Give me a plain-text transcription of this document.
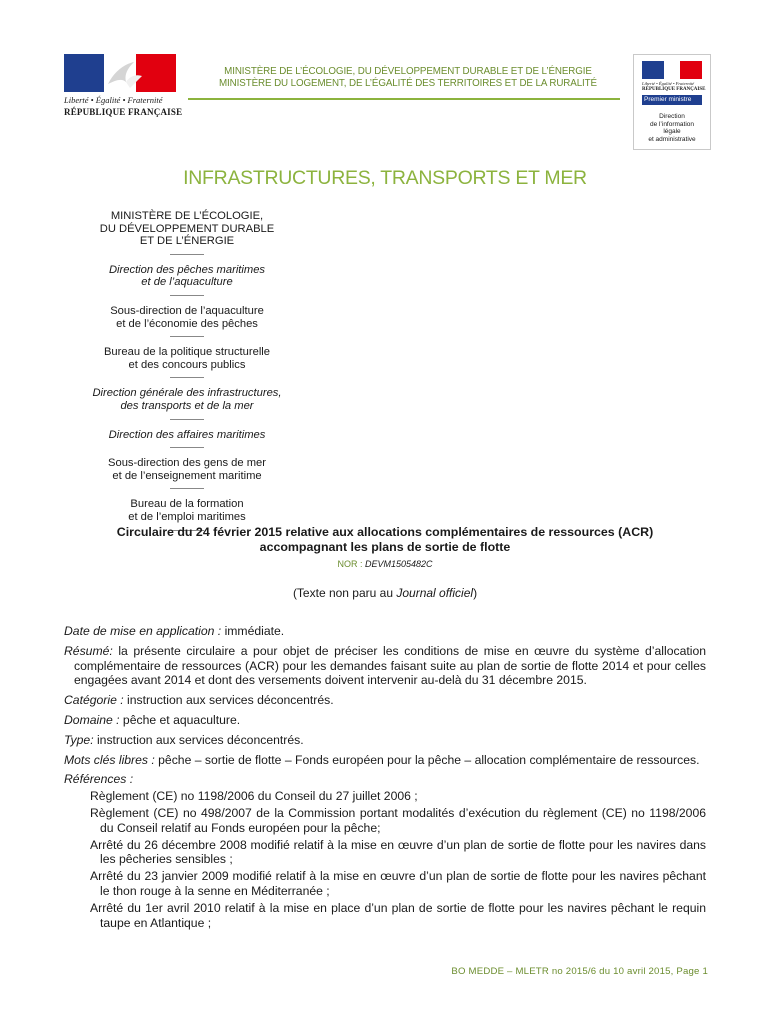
Liberté • Égalité • Fraternité
RÉPUBLIQUE FRANÇAISE
MINISTÈRE DE L’ÉCOLOGIE, DU DÉVELOPPEMENT DURABLE ET DE L’ÉNERGIE
MINISTÈRE DU LOGEMENT, DE L’ÉGALITÉ DES TERRITOIRES ET DE LA RURALITÉ	Liberté • Égalité • Fraternité
RÉPUBLIQUE FRANÇAISE
Premier ministre
Direction
de l’information
légale
et administrative
INFRASTRUCTURES, TRANSPORTS ET MER
MINISTÈRE DE L’ÉCOLOGIE,
DU DÉVELOPPEMENT DURABLE
ET DE L’ÉNERGIE
Direction des pêches maritimes
et de l’aquaculture
Sous-direction de l’aquaculture
et de l’économie des pêches
Bureau de la politique structurelle
et des concours publics
Direction générale des infrastructures,
des transports et de la mer
Direction des affaires maritimes
Sous-direction des gens de mer
et de l’enseignement maritime
Bureau de la formation
et de l’emploi maritimes
Circulaire du 24 février 2015 relative aux allocations complémentaires de ressources (ACR)
accompagnant les plans de sortie de flotte
NOR : DEVM1505482C
(Texte non paru au Journal officiel)

Date de mise en application : immédiate.

Résumé: la présente circulaire a pour objet de préciser les conditions de mise en œuvre du système d’allocation complémentaire de ressources (ACR) pour les demandes faisant suite au plan de sortie de flotte 2014 et pour celles engagées avant 2014 et dont des versements doivent intervenir au-delà du 31 décembre 2015.

Catégorie : instruction aux services déconcentrés.

Domaine : pêche et aquaculture.

Type: instruction aux services déconcentrés.

Mots clés libres : pêche – sortie de flotte – Fonds européen pour la pêche – allocation complémentaire de ressources.

Références :

Règlement (CE) no 1198/2006 du Conseil du 27 juillet 2006 ;
Règlement (CE) no 498/2007 de la Commission portant modalités d’exécution du règlement (CE) no 1198/2006 du Conseil relatif au Fonds européen pour la pêche;
Arrêté du 26 décembre 2008 modifié relatif à la mise en œuvre d’un plan de sortie de flotte pour les navires dans les pêcheries sensibles ;
Arrêté du 23 janvier 2009 modifié relatif à la mise en œuvre d’un plan de sortie de flotte pour les navires pêchant le thon rouge à la senne en Méditerranée ;
Arrêté du 1er avril 2010 relatif à la mise en place d’un plan de sortie de flotte pour les navires pêchant le requin taupe en Atlantique ;
BO MEDDE – MLETR no 2015/6 du 10 avril 2015, Page 1
